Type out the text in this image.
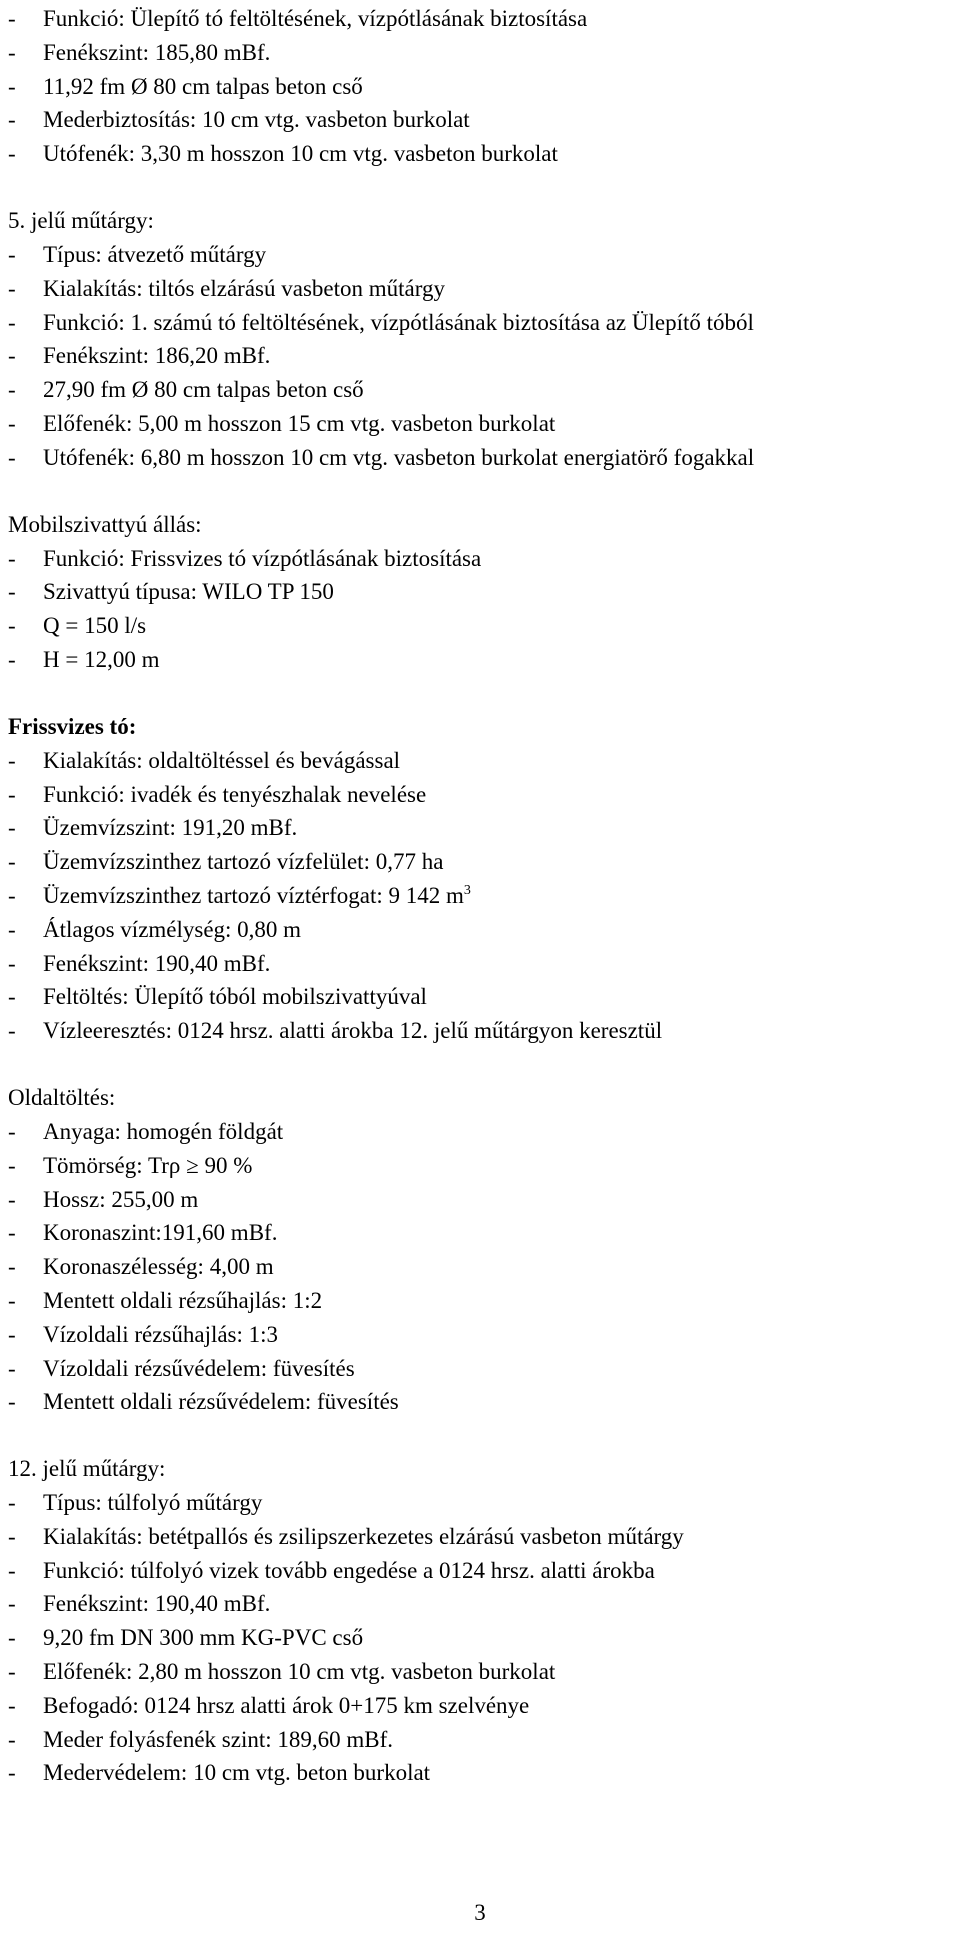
-	Funkció: Ülepítő tó feltöltésének, vízpótlásának biztosítása
-	Fenékszint: 185,80 mBf.
-	11,92 fm Ø 80 cm talpas beton cső
-	Mederbiztosítás: 10 cm vtg. vasbeton burkolat
-	Utófenék: 3,30 m hosszon 10 cm vtg. vasbeton burkolat
5. jelű műtárgy:
-	Típus: átvezető műtárgy
-	Kialakítás: tiltós elzárású vasbeton műtárgy
-	Funkció: 1. számú tó feltöltésének, vízpótlásának biztosítása az Ülepítő tóból
-	Fenékszint: 186,20 mBf.
-	27,90 fm Ø 80 cm talpas beton cső
-	Előfenék: 5,00 m hosszon 15 cm vtg. vasbeton burkolat
-	Utófenék: 6,80 m hosszon 10 cm vtg. vasbeton burkolat energiatörő fogakkal
Mobilszivattyú állás:
-	Funkció: Frissvizes tó vízpótlásának biztosítása
-	Szivattyú típusa: WILO TP 150
-	Q = 150 l/s
-	H = 12,00 m
Frissvizes tó:
-	Kialakítás: oldaltöltéssel és bevágással
-	Funkció: ivadék és tenyészhalak nevelése
-	Üzemvízszint: 191,20 mBf.
-	Üzemvízszinthez tartozó vízfelület: 0,77 ha
-	Üzemvízszinthez tartozó víztérfogat: 9 142 $m^3$
-	Átlagos vízmélység: 0,80 m
-	Fenékszint: 190,40 mBf.
-	Feltöltés: Ülepítő tóból mobilszivattyúval
-	Vízleeresztés: 0124 hrsz. alatti árokba 12. jelű műtárgyon keresztül
Oldaltöltés:
-	Anyaga: homogén földgát
-	Tömörség: Trρ ≥ 90 %
-	Hossz: 255,00 m
-	Koronaszint:191,60 mBf.
-	Koronaszélesség: 4,00 m
-	Mentett oldali rézsűhajlás: 1:2
-	Vízoldali rézsűhajlás: 1:3
-	Vízoldali rézsűvédelem: füvesítés
-	Mentett oldali rézsűvédelem: füvesítés
12. jelű műtárgy:
-	Típus: túlfolyó műtárgy
-	Kialakítás: betétpallós és zsilipszerkezetes elzárású vasbeton műtárgy
-	Funkció: túlfolyó vizek tovább engedése a 0124 hrsz. alatti árokba
-	Fenékszint: 190,40 mBf.
-	9,20 fm DN 300 mm KG-PVC cső
-	Előfenék: 2,80 m hosszon 10 cm vtg. vasbeton burkolat
-	Befogadó: 0124 hrsz alatti árok 0+175 km szelvénye
-	Meder folyásfenék szint: 189,60 mBf.
-	Medervédelem: 10 cm vtg. beton burkolat
3
